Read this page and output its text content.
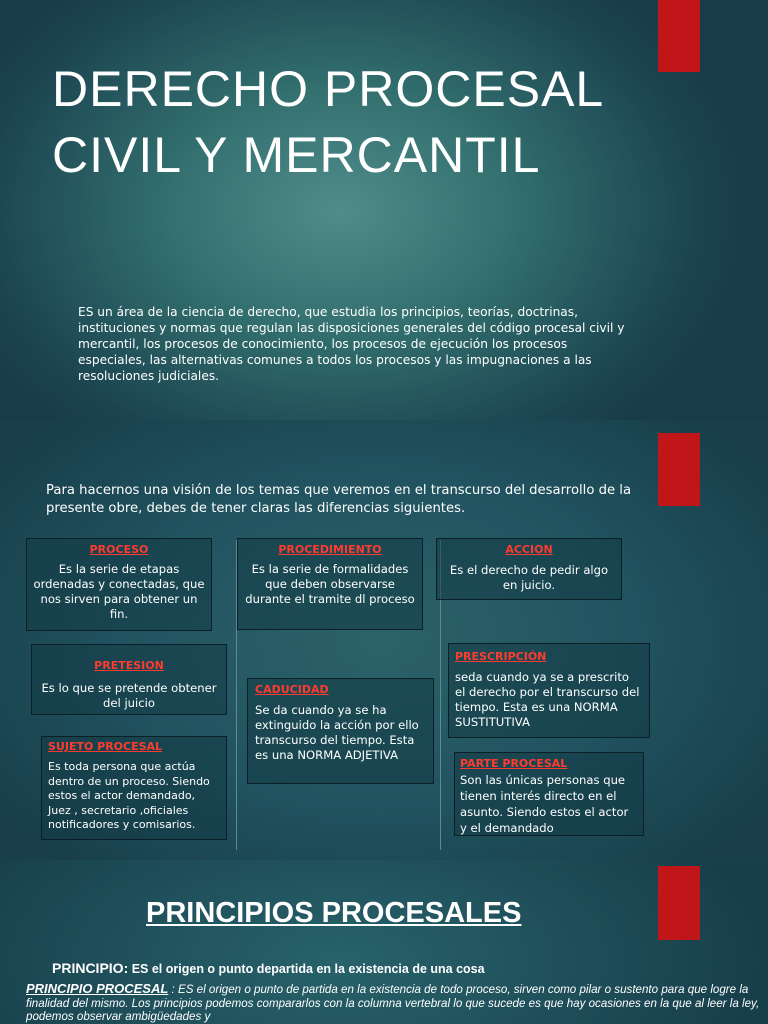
DERECHO PROCESAL CIVIL Y MERCANTIL

ES un área de la ciencia de derecho, que estudia los principios, teorías, doctrinas, instituciones y normas que regulan las disposiciones generales del código procesal civil y mercantil, los procesos de conocimiento, los procesos de ejecución los procesos especiales, las alternativas comunes a todos los procesos y las impugnaciones a las resoluciones judiciales.

Para hacernos una visión de los temas que veremos en el transcurso del desarrollo de la presente obre, debes de tener claras las diferencias siguientes.

PROCESO
Es la serie de etapas ordenadas y conectadas, que nos sirven para obtener un fin.
PROCEDIMIENTO
Es la serie de formalidades que deben observarse durante el tramite dl proceso
ACCION
Es el derecho de pedir algo en juicio.
PRETESION
Es lo que se pretende obtener del juicio
PRESCRIPCIÓN
seda cuando ya se a prescrito el derecho por el transcurso del tiempo. Esta es una NORMA SUSTITUTIVA
CADUCIDAD
Se da cuando ya se ha extinguido la acción por ello transcurso del tiempo. Esta es una NORMA ADJETIVA
SUJETO PROCESAL
Es toda persona que actúa dentro de un proceso. Siendo estos el actor demandado, Juez , secretario ,oficiales notificadores y comisarios.
PARTE PROCESAL
Son las únicas personas que tienen interés directo en el asunto. Siendo estos el actor y el demandado
PRINCIPIOS PROCESALES

PRINCIPIO: ES el origen o punto departida en la existencia de una cosa

PRINCIPIO PROCESAL : ES el origen o punto de partida en la existencia de todo proceso, sirven como pilar o sustento para que logre la finalidad del mismo. Los principios podemos compararlos con la columna vertebral lo que sucede es que hay ocasiones en la que al leer la ley, podemos observar ambigüedades y
